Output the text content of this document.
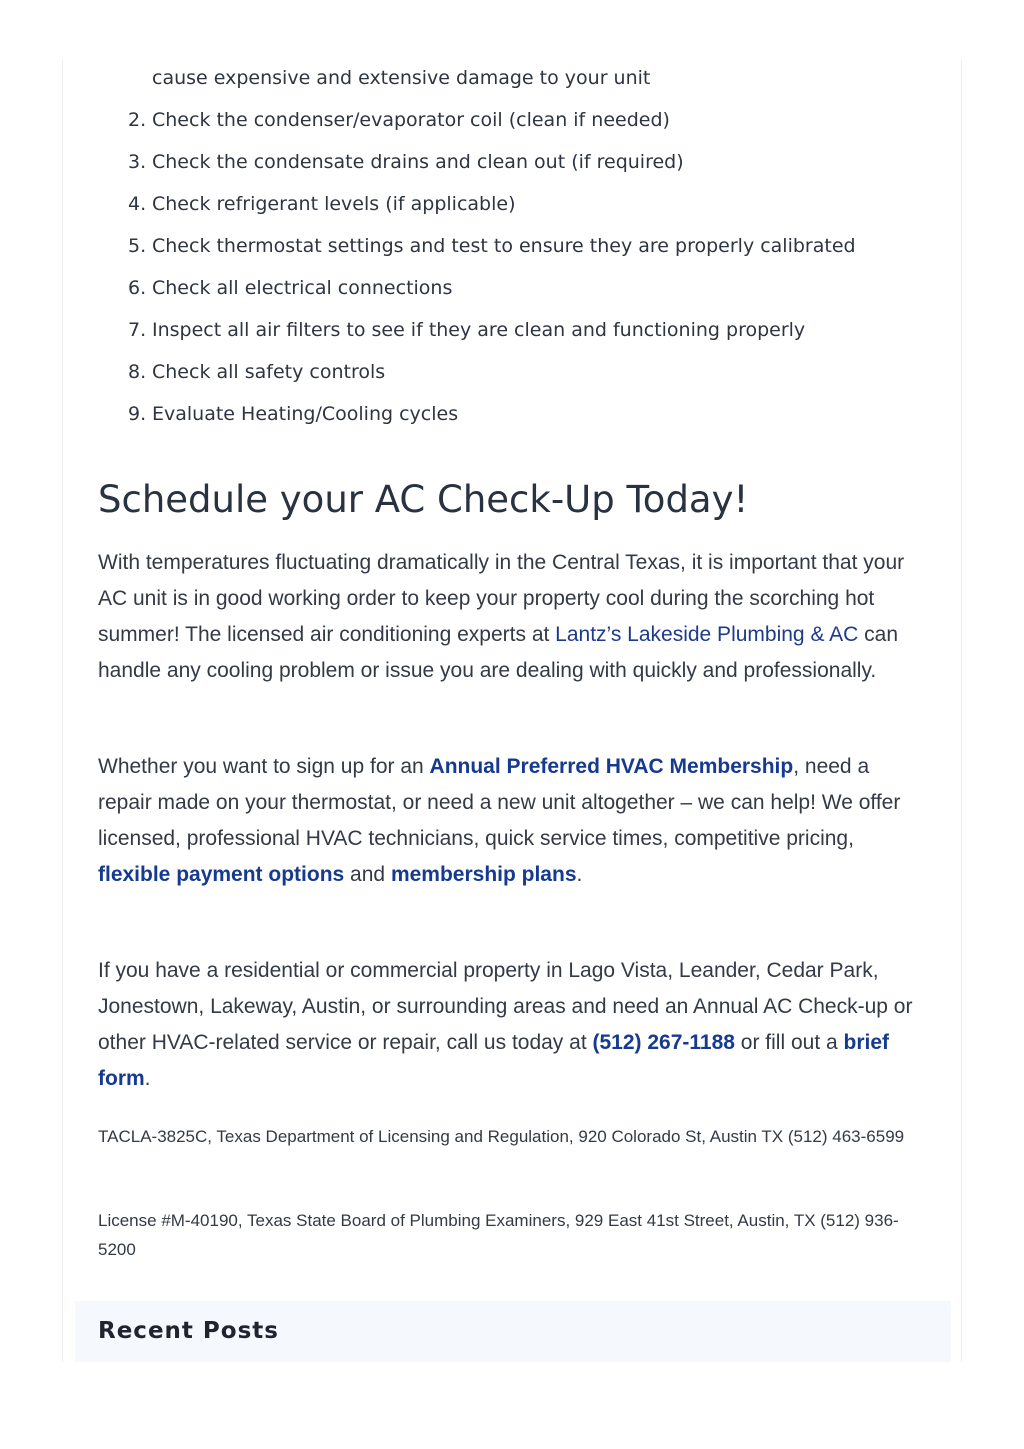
cause expensive and extensive damage to your unit
2. Check the condenser/evaporator coil (clean if needed)
3. Check the condensate drains and clean out (if required)
4. Check refrigerant levels (if applicable)
5. Check thermostat settings and test to ensure they are properly calibrated
6. Check all electrical connections
7. Inspect all air filters to see if they are clean and functioning properly
8. Check all safety controls
9. Evaluate Heating/Cooling cycles
Schedule your AC Check-Up Today!

With temperatures fluctuating dramatically in the Central Texas, it is important that your AC unit is in good working order to keep your property cool during the scorching hot summer! The licensed air conditioning experts at Lantz’s Lakeside Plumbing & AC can handle any cooling problem or issue you are dealing with quickly and professionally.

Whether you want to sign up for an Annual Preferred HVAC Membership, need a repair made on your thermostat, or need a new unit altogether – we can help! We offer licensed, professional HVAC technicians, quick service times, competitive pricing, flexible payment options and membership plans.

If you have a residential or commercial property in Lago Vista, Leander, Cedar Park, Jonestown, Lakeway, Austin, or surrounding areas and need an Annual AC Check-up or other HVAC-related service or repair, call us today at (512) 267-1188 or fill out a brief form.

TACLA-3825C, Texas Department of Licensing and Regulation, 920 Colorado St, Austin TX (512) 463-6599

License #M-40190, Texas State Board of Plumbing Examiners, 929 East 41st Street, Austin, TX (512) 936-5200

Recent Posts
